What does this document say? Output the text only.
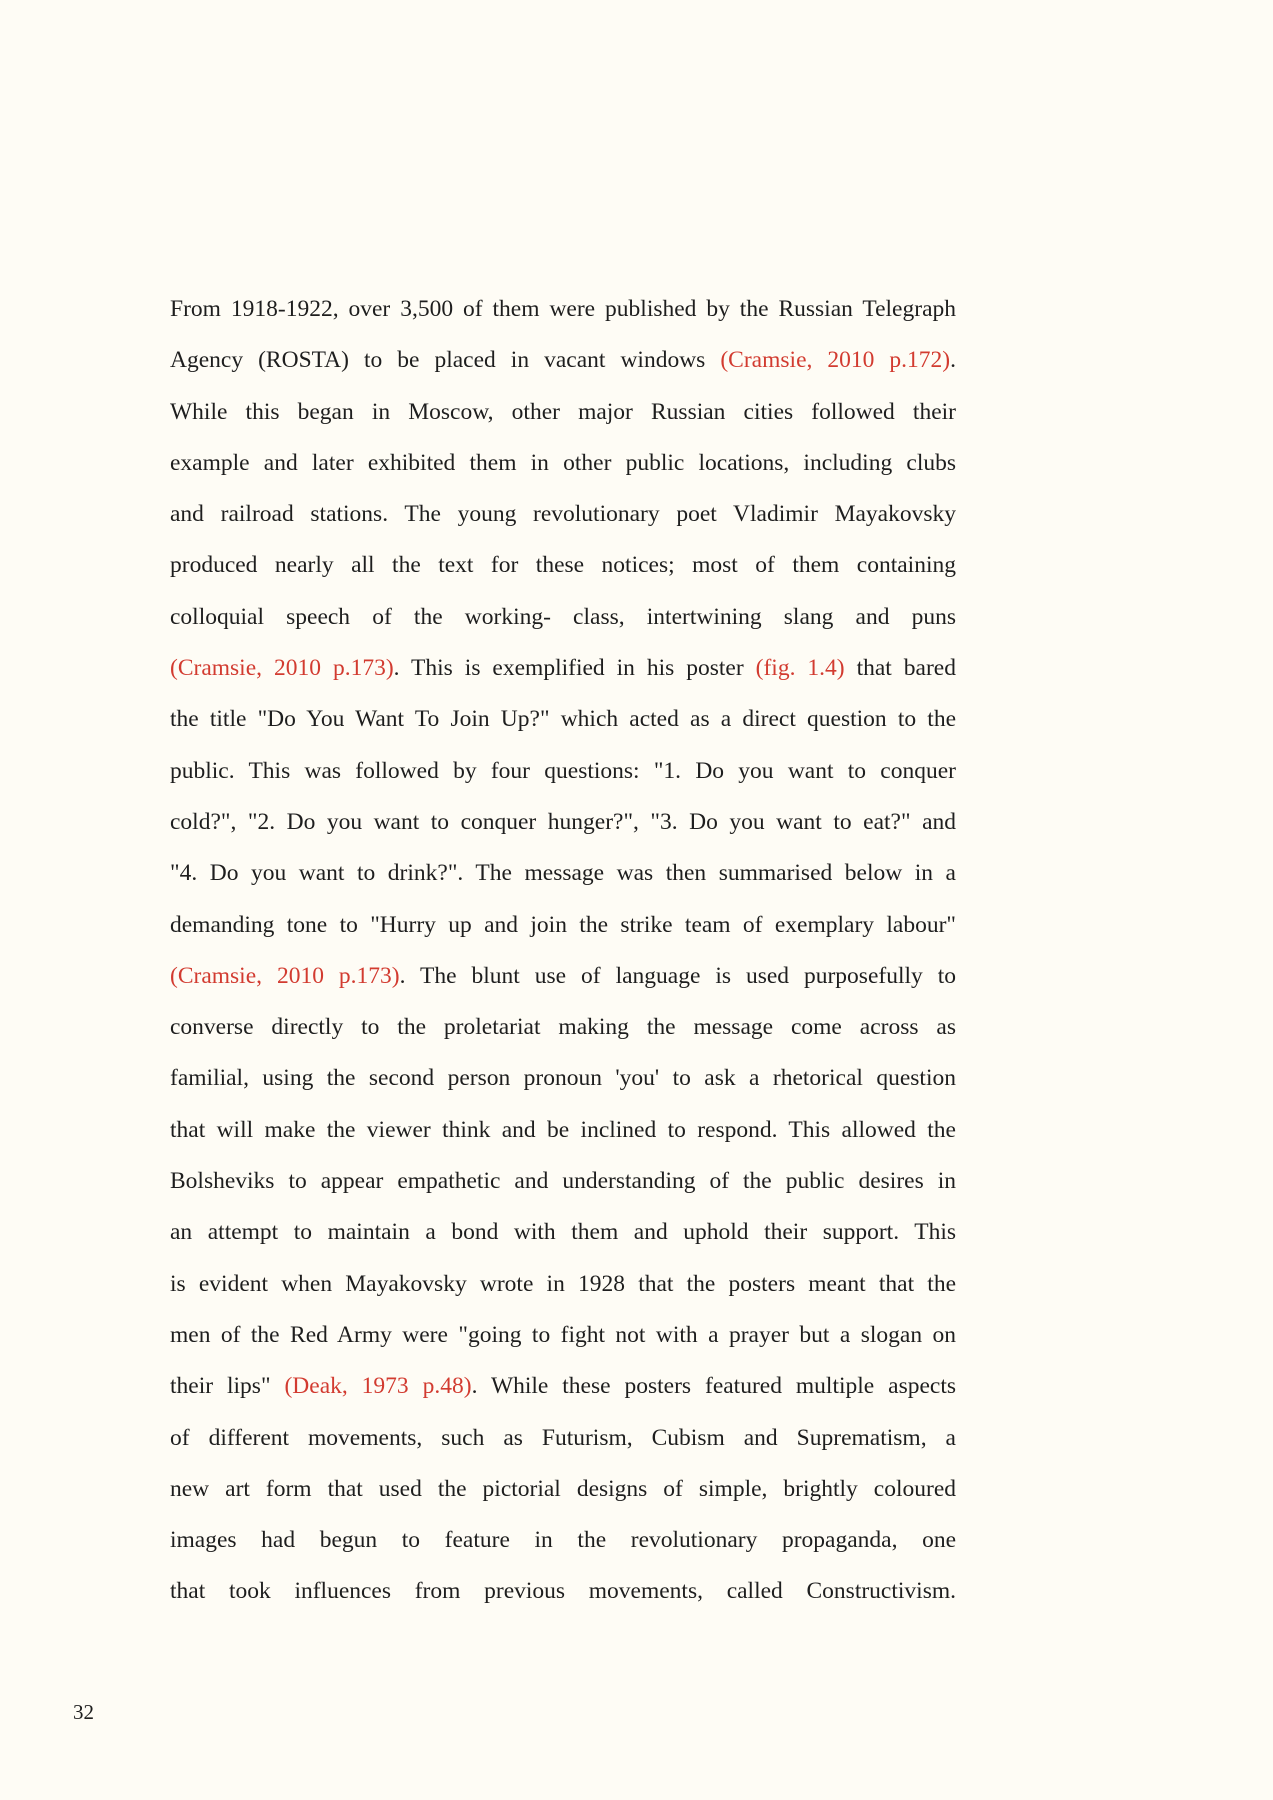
From 1918-1922, over 3,500 of them were published by the Russian Telegraph
Agency (ROSTA) to be placed in vacant windows (Cramsie, 2010 p.172).
While this began in Moscow, other major Russian cities followed their
example and later exhibited them in other public locations, including clubs
and railroad stations. The young revolutionary poet Vladimir Mayakovsky
produced nearly all the text for these notices; most of them containing
colloquial speech of the working- class, intertwining slang and puns
(Cramsie, 2010 p.173). This is exemplified in his poster (fig. 1.4) that bared
the title "Do You Want To Join Up?" which acted as a direct question to the
public. This was followed by four questions: "1. Do you want to conquer
cold?", "2. Do you want to conquer hunger?", "3. Do you want to eat?" and
"4. Do you want to drink?". The message was then summarised below in a
demanding tone to "Hurry up and join the strike team of exemplary labour"
(Cramsie, 2010 p.173). The blunt use of language is used purposefully to
converse directly to the proletariat making the message come across as
familial, using the second person pronoun 'you' to ask a rhetorical question
that will make the viewer think and be inclined to respond. This allowed the
Bolsheviks to appear empathetic and understanding of the public desires in
an attempt to maintain a bond with them and uphold their support. This
is evident when Mayakovsky wrote in 1928 that the posters meant that the
men of the Red Army were "going to fight not with a prayer but a slogan on
their lips" (Deak, 1973 p.48). While these posters featured multiple aspects
of different movements, such as Futurism, Cubism and Suprematism, a
new art form that used the pictorial designs of simple, brightly coloured
images had begun to feature in the revolutionary propaganda, one
that took influences from previous movements, called Constructivism.
32
